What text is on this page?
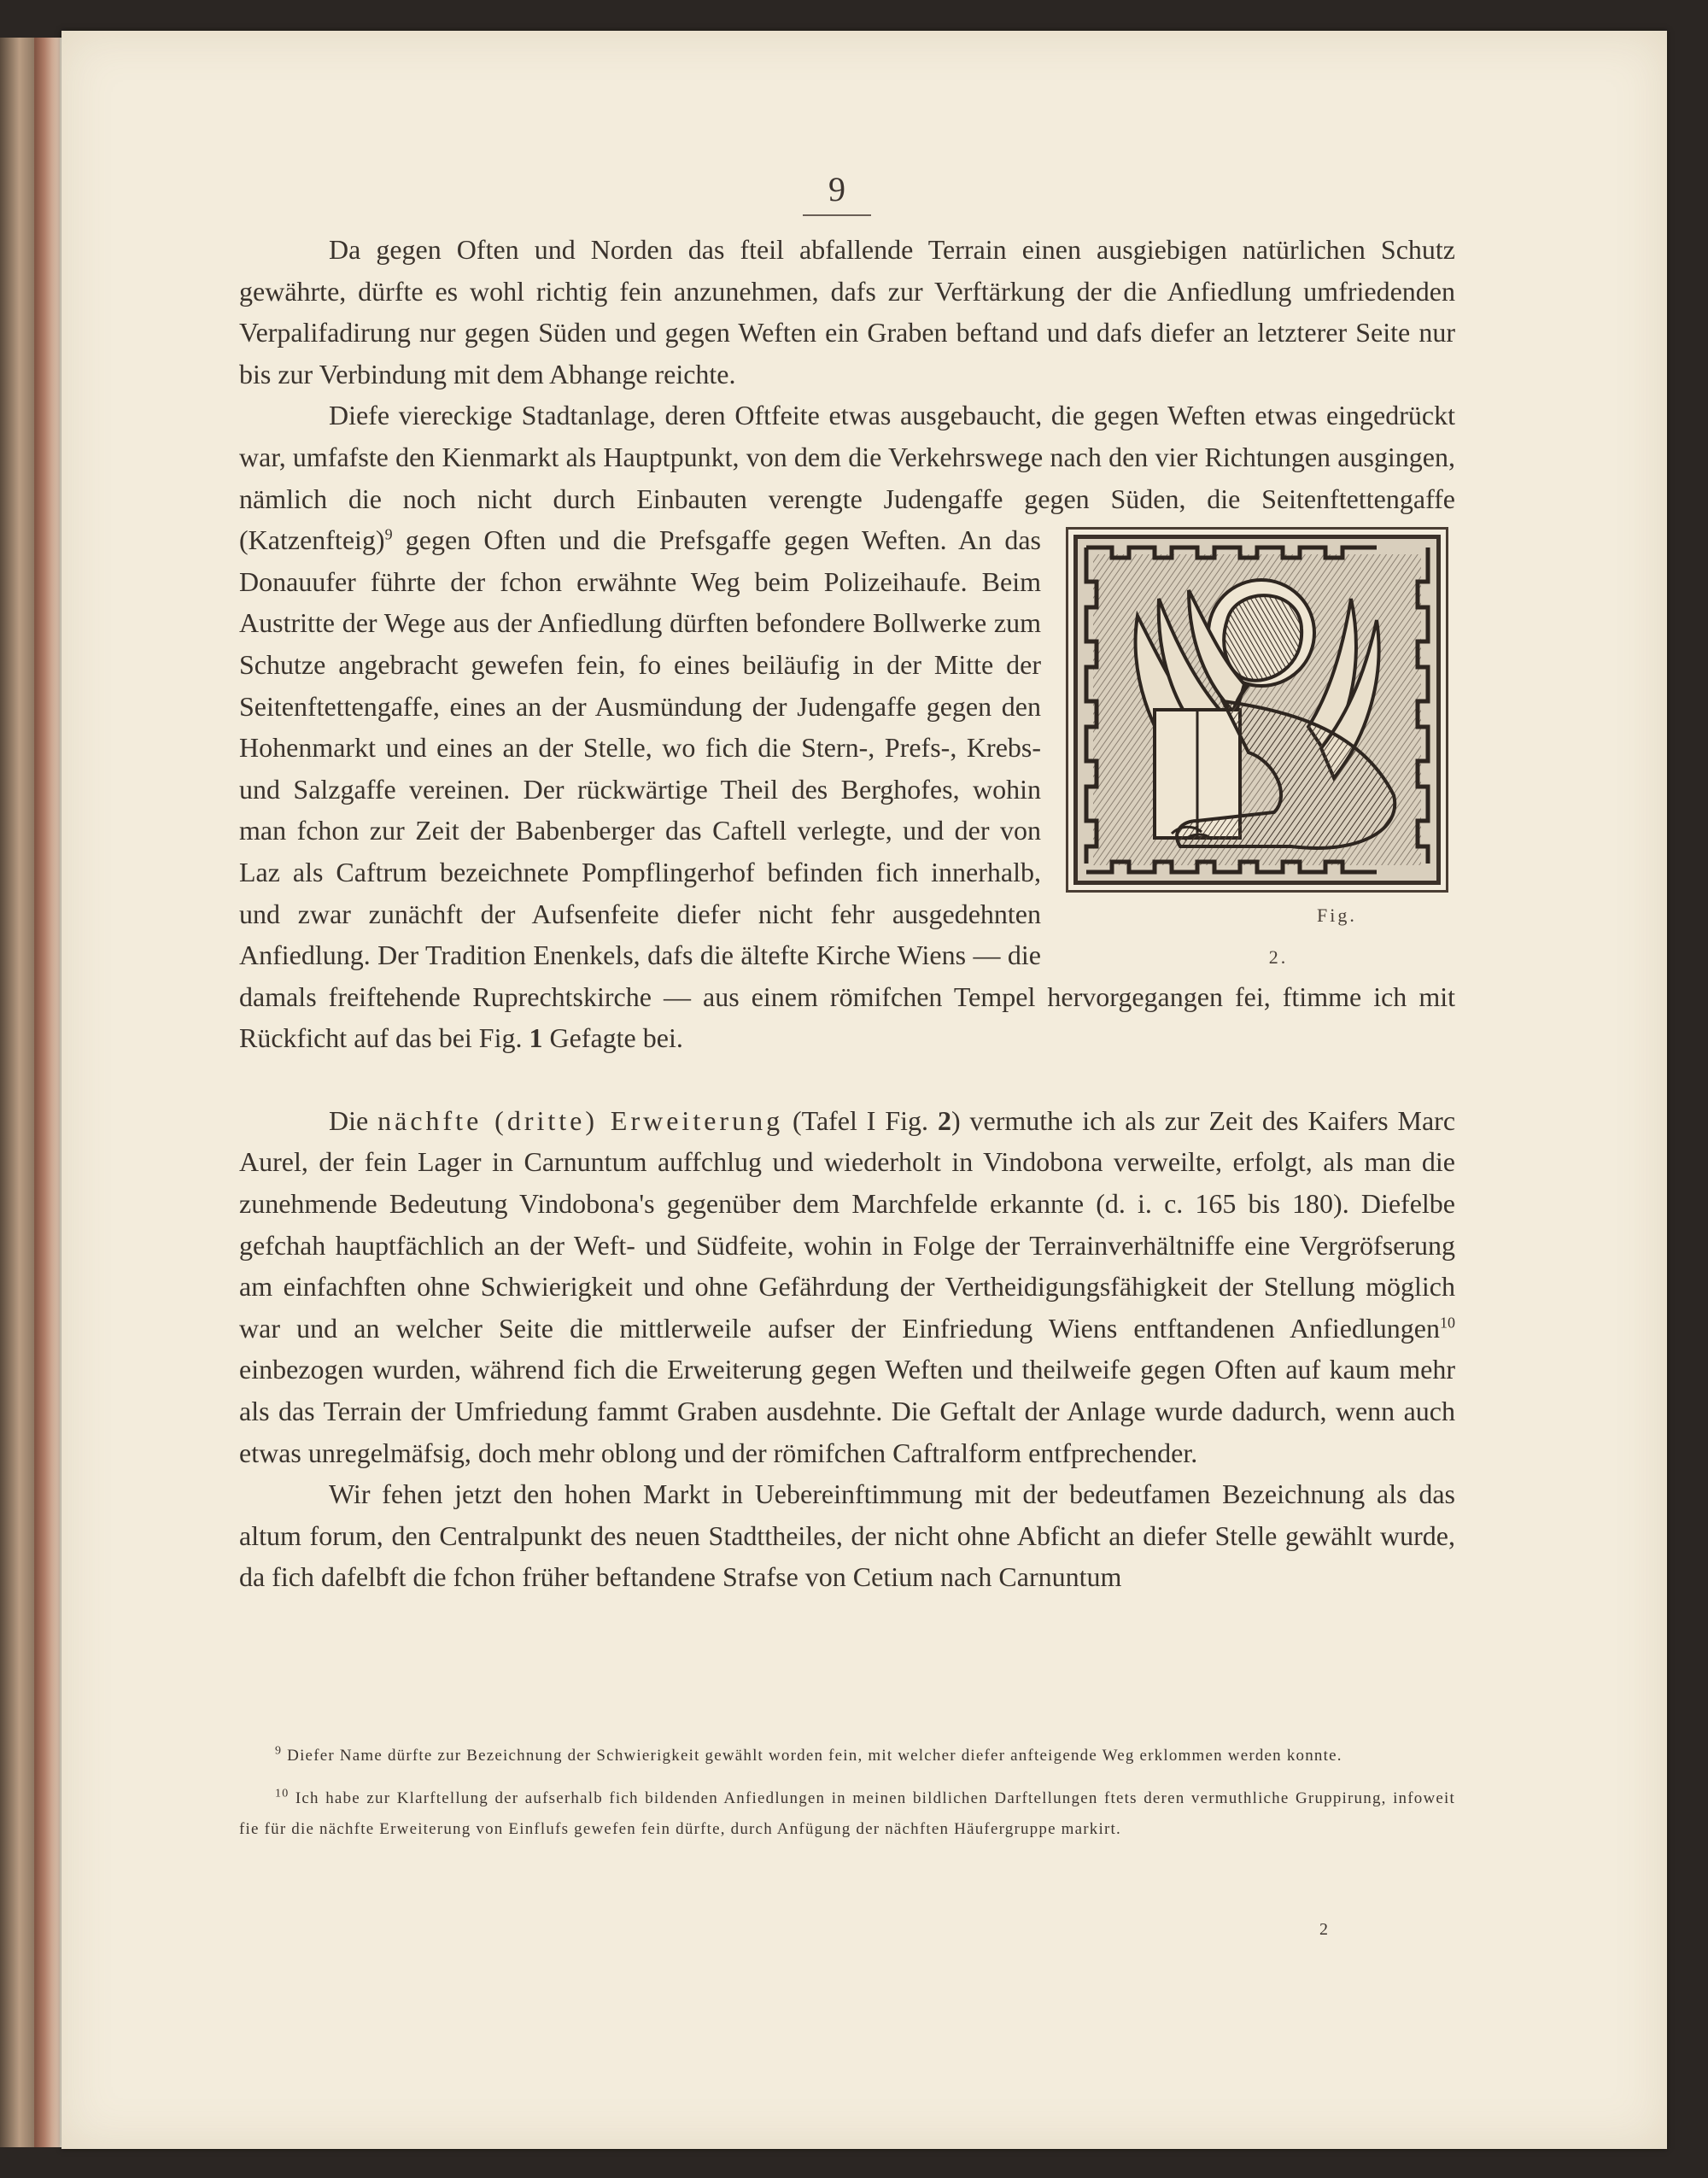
9

Da gegen Often und Norden das fteil abfallende Terrain einen ausgiebigen natürlichen Schutz gewährte, dürfte es wohl richtig fein anzunehmen, dafs zur Verftärkung der die Anfiedlung umfriedenden Verpalifadirung nur gegen Süden und gegen Weften ein Graben beftand und dafs diefer an letzterer Seite nur bis zur Verbindung mit dem Abhange reichte.

Diefe viereckige Stadtanlage, deren Oftfeite etwas ausgebaucht, die gegen Weften etwas eingedrückt war, umfafste den Kienmarkt als Hauptpunkt, von dem die Verkehrswege nach den vier Richtungen ausgingen, nämlich die noch nicht durch Einbauten verengte Judengaffe gegen Süden, die Seitenftettengaffe (Katzenfteig)$^9$
Fig. 2.
gegen Often und die Prefsgaffe gegen Weften. An das Donauufer führte der fchon erwähnte Weg beim Polizeihaufe. Beim Austritte der Wege aus der Anfiedlung dürften befondere Bollwerke zum Schutze angebracht gewefen fein, fo eines beiläufig in der Mitte der Seitenftettengaffe, eines an der Ausmündung der Judengaffe gegen den Hohenmarkt und eines an der Stelle, wo fich die Stern-, Prefs-, Krebs- und Salzgaffe vereinen. Der rückwärtige Theil des Berghofes, wohin man fchon zur Zeit der Babenberger das Caftell verlegte, und der von Laz als Caftrum bezeichnete Pompflingerhof befinden fich innerhalb, und zwar zunächft der Aufsenfeite diefer nicht fehr ausgedehnten Anfiedlung. Der Tradition Enenkels, dafs die ältefte Kirche Wiens — die damals freiftehende Ruprechtskirche — aus einem römifchen Tempel hervorgegangen fei, ftimme ich mit Rückficht auf das bei Fig. 1 Gefagte bei.

Die nächfte (dritte) Erweiterung (Tafel I Fig. 2) vermuthe ich als zur Zeit des Kaifers Marc Aurel, der fein Lager in Carnuntum auffchlug und wiederholt in Vindobona verweilte, erfolgt, als man die zunehmende Bedeutung Vindobona's gegenüber dem Marchfelde erkannte (d. i. c. 165 bis 180). Diefelbe gefchah hauptfächlich an der Weft- und Südfeite, wohin in Folge der Terrainverhältniffe eine Vergröfserung am einfachften ohne Schwierigkeit und ohne Gefährdung der Vertheidigungsfähigkeit der Stellung möglich war und an welcher Seite die mittlerweile aufser der Einfriedung Wiens entftandenen Anfiedlungen$^{10}$ einbezogen wurden, während fich die Erweiterung gegen Weften und theilweife gegen Often auf kaum mehr als das Terrain der Umfriedung fammt Graben ausdehnte. Die Geftalt der Anlage wurde dadurch, wenn auch etwas unregelmäfsig, doch mehr oblong und der römifchen Caftralform entfprechender.

Wir fehen jetzt den hohen Markt in Uebereinftimmung mit der bedeutfamen Bezeichnung als das altum forum, den Centralpunkt des neuen Stadttheiles, der nicht ohne Abficht an diefer Stelle gewählt wurde, da fich dafelbft die fchon früher beftandene Strafse von Cetium nach Carnuntum

$^9$ Diefer Name dürfte zur Bezeichnung der Schwierigkeit gewählt worden fein, mit welcher diefer anfteigende Weg erklommen werden konnte.

$^{10}$ Ich habe zur Klarftellung der aufserhalb fich bildenden Anfiedlungen in meinen bildlichen Darftellungen ftets deren vermuthliche Gruppirung, infoweit fie für die nächfte Erweiterung von Einflufs gewefen fein dürfte, durch Anfügung der nächften Häufergruppe markirt.

2
